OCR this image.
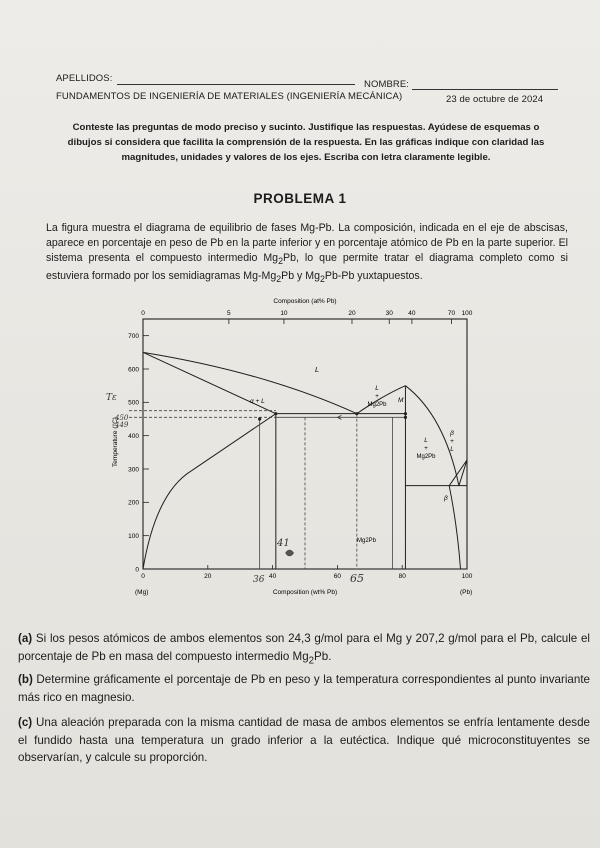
APELLIDOS:
NOMBRE:
FUNDAMENTOS DE INGENIERÍA DE MATERIALES (INGENIERÍA MECÁNICA)	23 de octubre de 2024
Conteste las preguntas de modo preciso y sucinto. Justifique las respuestas. Ayúdese de esquemas o dibujos si considera que facilita la comprensión de la respuesta. En las gráficas indique con claridad las magnitudes, unidades y valores de los ejes. Escriba con letra claramente legible.
PROBLEMA 1
La figura muestra el diagrama de equilibrio de fases Mg-Pb. La composición, indicada en el eje de abscisas, aparece en porcentaje en peso de Pb en la parte inferior y en porcentaje atómico de Pb en la parte superior. El sistema presenta el compuesto intermedio $Mg_2Pb$, lo que permite tratar el diagrama completo como si estuviera formado por los semidiagramas $Mg-Mg_2Pb$ y $Mg_2Pb-Pb$ yuxtapuestos.
Composition (at% Pb)
Composition (wt% Pb)
Temperature (°C)
(Mg)	(Pb)
0	20	40	60	80	100
0	5	10	20	30 40	70 100
0
100
200
300
400
500
600
700
L
α + L
L
+
Mg2Pb
M
L
+
Mg2Pb
β
+
L
β
Mg2Pb
Tε
450
449
36
41
65
(a) Si los pesos atómicos de ambos elementos son 24,3 g/mol para el Mg y 207,2 g/mol para el Pb, calcule el porcentaje de Pb en masa del compuesto intermedio $Mg_2Pb$.
(b) Determine gráficamente el porcentaje de Pb en peso y la temperatura correspondientes al punto invariante más rico en magnesio.
(c) Una aleación preparada con la misma cantidad de masa de ambos elementos se enfría lentamente desde el fundido hasta una temperatura un grado inferior a la eutéctica. Indique qué microconstituyentes se observarían, y calcule su proporción.
